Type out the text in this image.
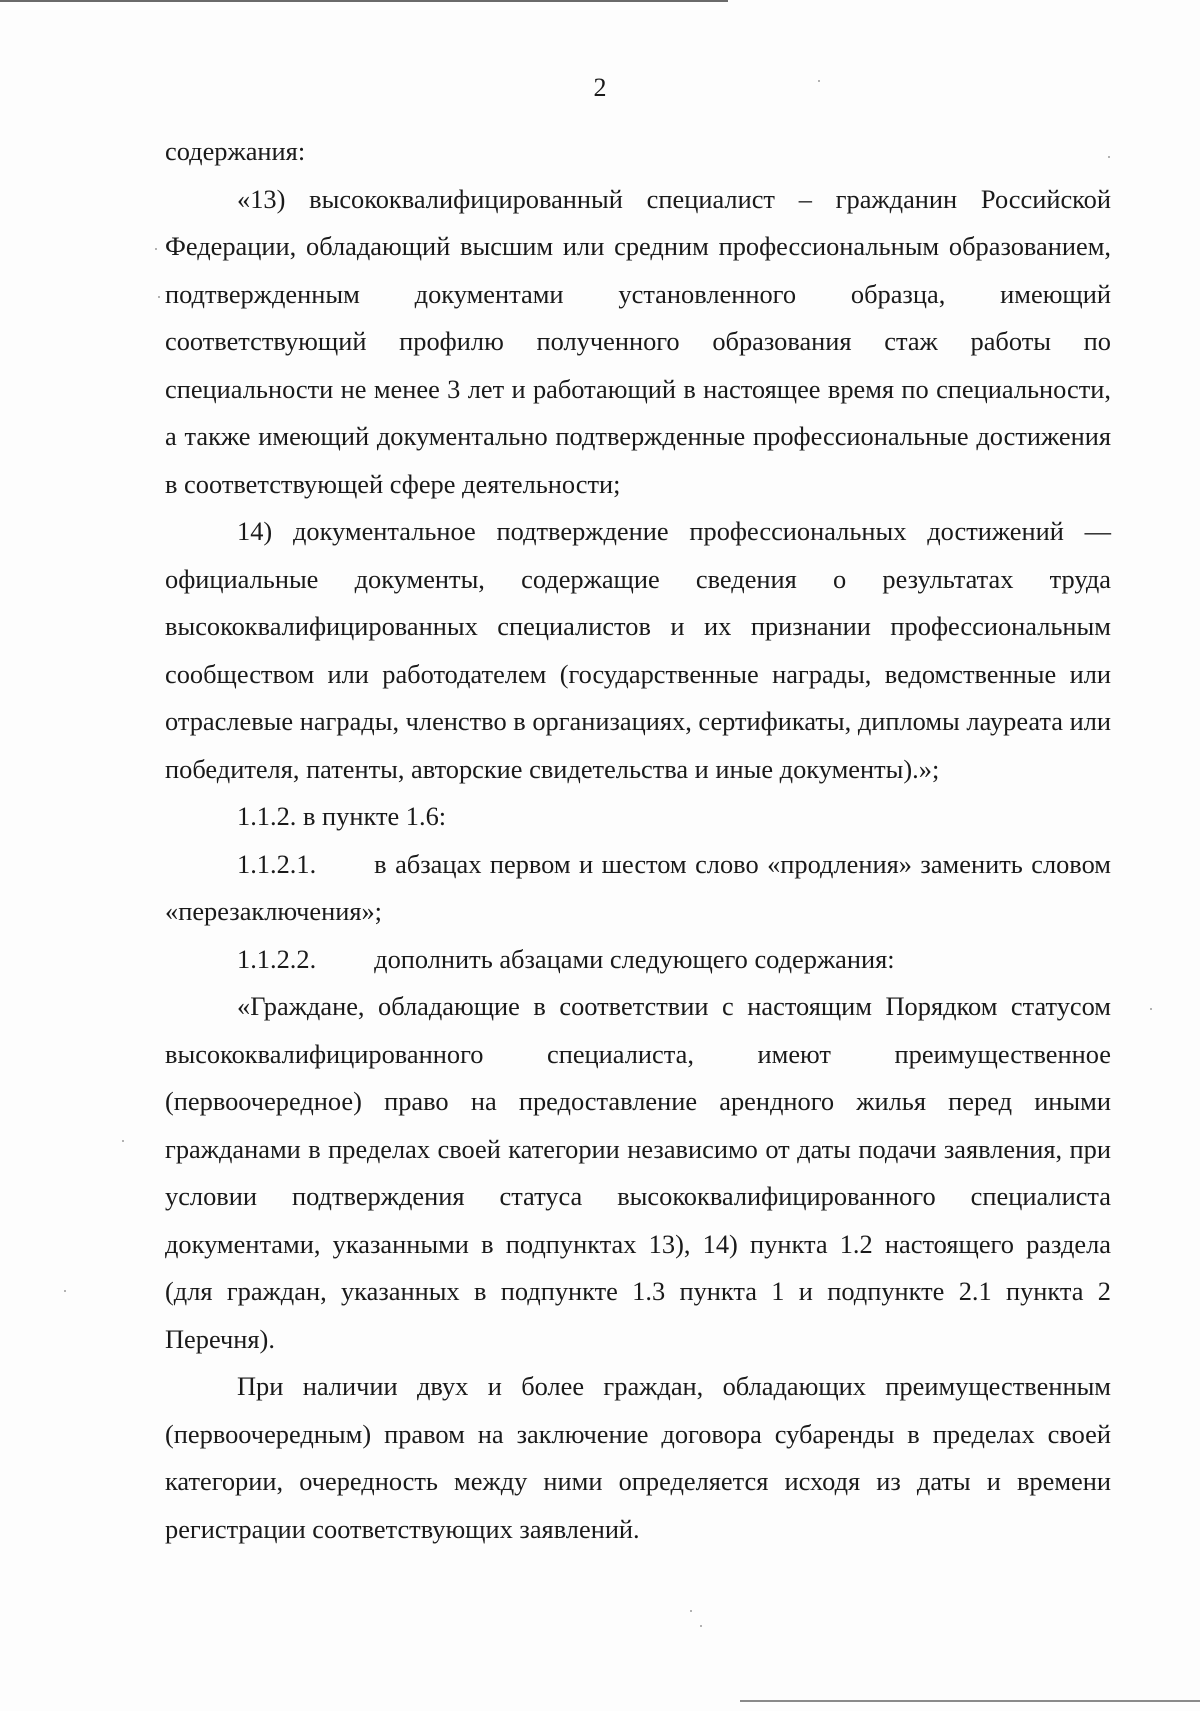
2

содержания:

«13) высококвалифицированный специалист – гражданин Российской Федерации, обладающий высшим или средним профессиональным образованием, подтвержденным документами установленного образца, имеющий соответствующий профилю полученного образования стаж работы по специальности не менее 3 лет и работающий в настоящее время по специальности, а также имеющий документально подтвержденные профессиональные достижения в соответствующей сфере деятельности;

14) документальное подтверждение профессиональных достижений — официальные документы, содержащие сведения о результатах труда высококвалифицированных специалистов и их признании профессиональным сообществом или работодателем (государственные награды, ведомственные или отраслевые награды, членство в организациях, сертификаты, дипломы лауреата или победителя, патенты, авторские свидетельства и иные документы).»;

1.1.2. в пункте 1.6:

1.1.2.1. в абзацах первом и шестом слово «продления» заменить словом «перезаключения»;

1.1.2.2. дополнить абзацами следующего содержания:

«Граждане, обладающие в соответствии с настоящим Порядком статусом высококвалифицированного специалиста, имеют преимущественное (первоочередное) право на предоставление арендного жилья перед иными гражданами в пределах своей категории независимо от даты подачи заявления, при условии подтверждения статуса высококвалифицированного специалиста документами, указанными в подпунктах 13), 14) пункта 1.2 настоящего раздела (для граждан, указанных в подпункте 1.3 пункта 1 и подпункте 2.1 пункта 2 Перечня).

При наличии двух и более граждан, обладающих преимущественным (первоочередным) правом на заключение договора субаренды в пределах своей категории, очередность между ними определяется исходя из даты и времени регистрации соответствующих заявлений.
